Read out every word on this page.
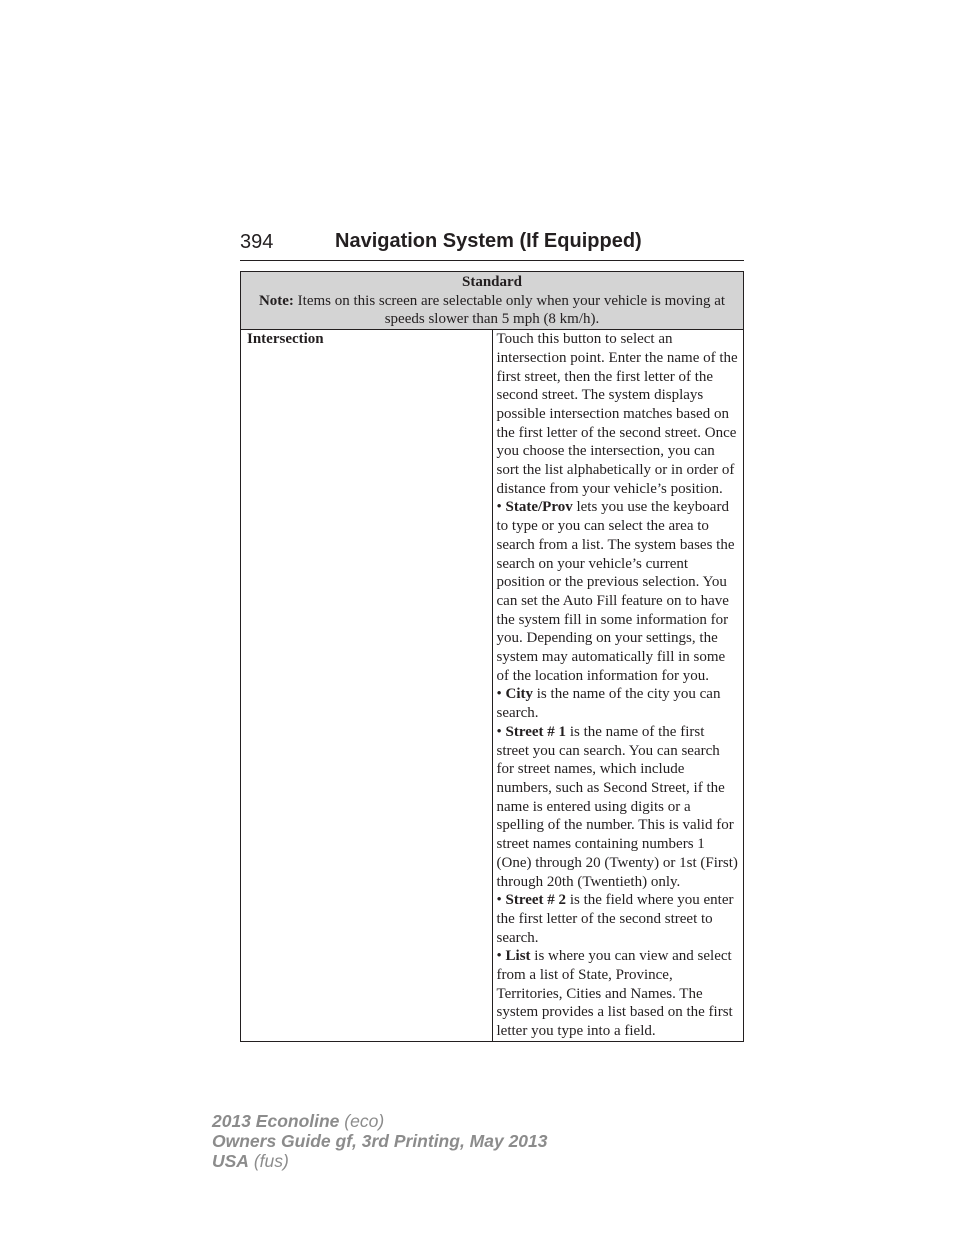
394	Navigation System (If Equipped)
Standard
Note: Items on this screen are selectable only when your vehicle is moving at speeds slower than 5 mph (8 km/h).

Intersection	Touch this button to select an intersection point. Enter the name of the first street, then the first letter of the second street. The system displays possible intersection matches based on the first letter of the second street. Once you choose the intersection, you can sort the list alphabetically or in order of distance from your vehicle’s position.
• State/Prov lets you use the keyboard to type or you can select the area to search from a list. The system bases the search on your vehicle’s current position or the previous selection. You can set the Auto Fill feature on to have the system fill in some information for you. Depending on your settings, the system may automatically fill in some of the location information for you.
• City is the name of the city you can search.
• Street # 1 is the name of the first street you can search. You can search for street names, which include numbers, such as Second Street, if the name is entered using digits or a spelling of the number. This is valid for street names containing numbers 1 (One) through 20 (Twenty) or 1st (First) through 20th (Twentieth) only.
• Street # 2 is the field where you enter the first letter of the second street to search.
• List is where you can view and select from a list of State, Province, Territories, Cities and Names. The system provides a list based on the first letter you type into a field.
2013 Econoline (eco)
Owners Guide gf, 3rd Printing, May 2013
USA (fus)
